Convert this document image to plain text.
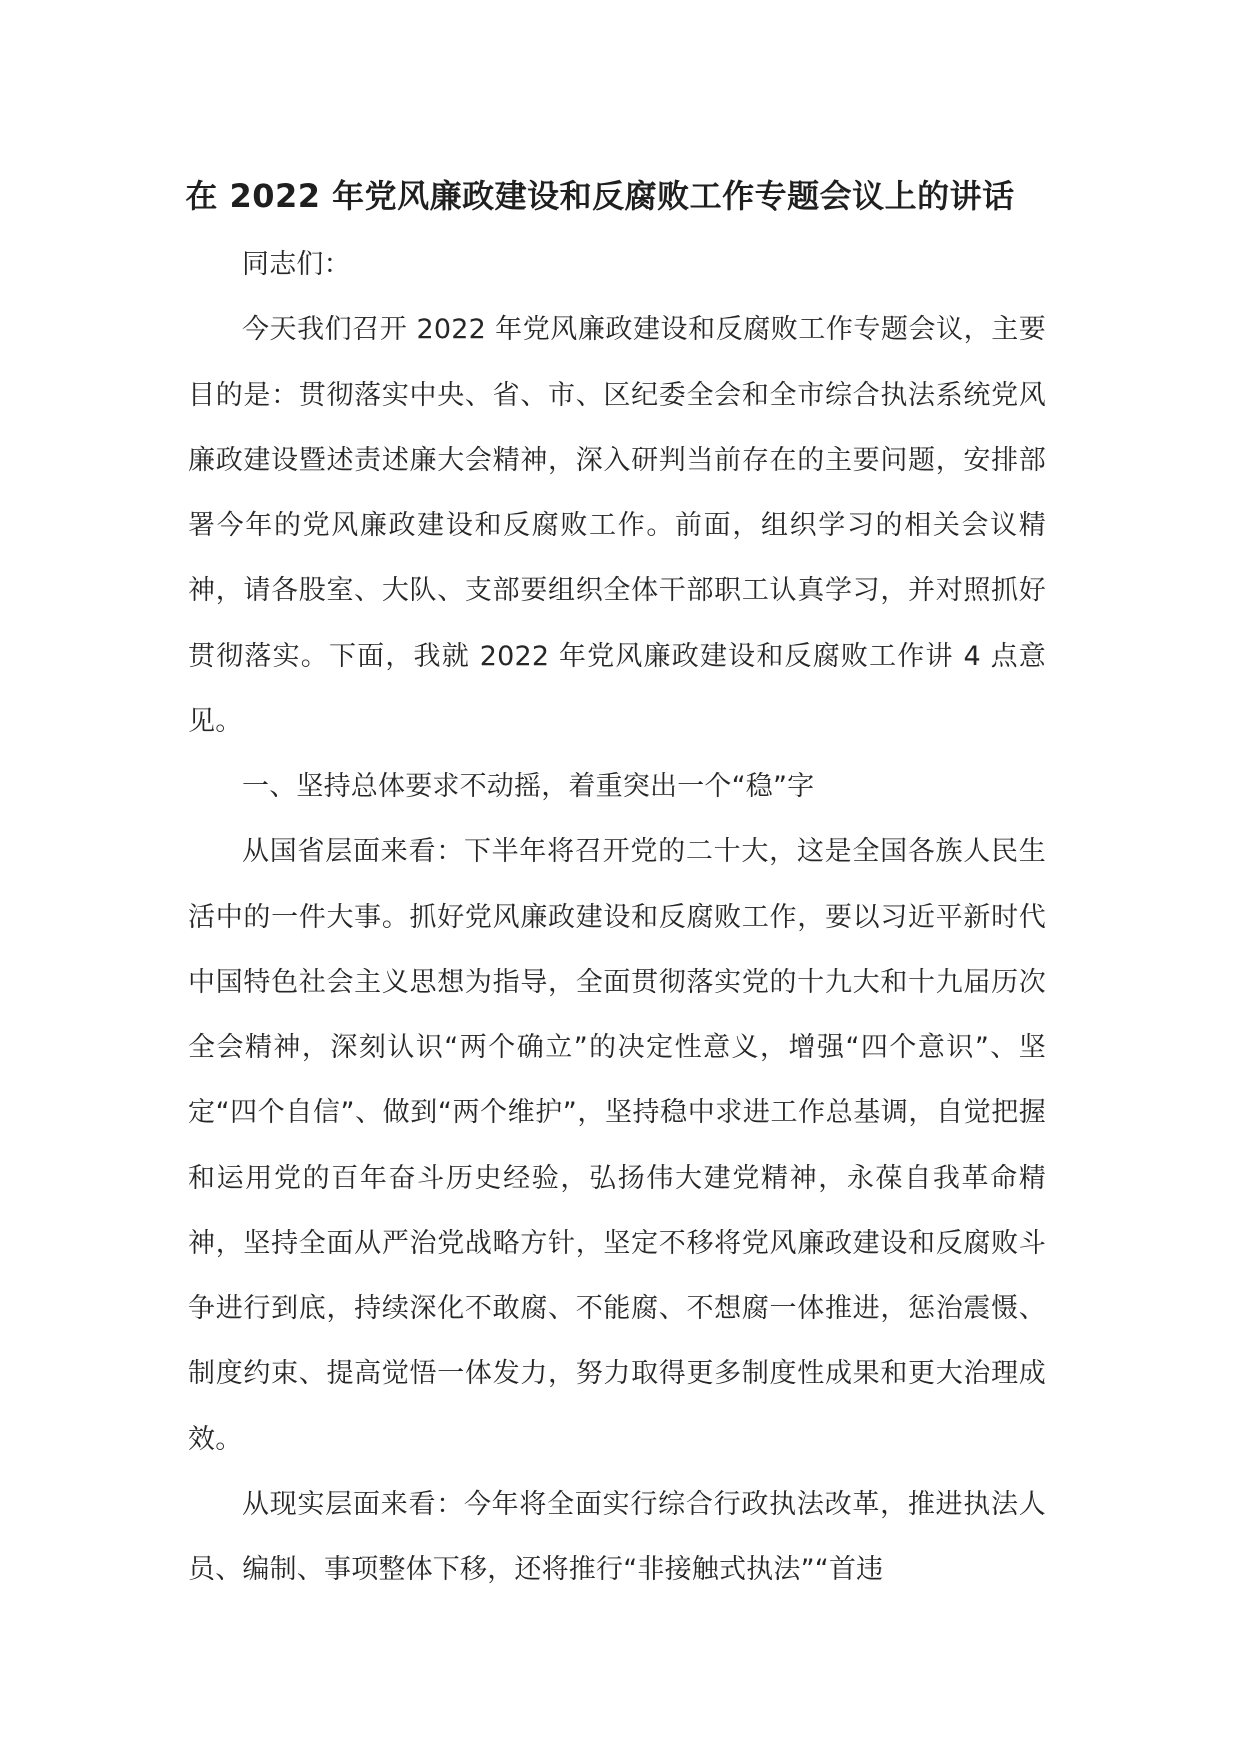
在 2022 年党风廉政建设和反腐败工作专题会议上的讲话

同志们：

今天我们召开 2022 年党风廉政建设和反腐败工作专题会议，主要目的是：贯彻落实中央、省、市、区纪委全会和全市综合执法系统党风廉政建设暨述责述廉大会精神，深入研判当前存在的主要问题，安排部署今年的党风廉政建设和反腐败工作。前面，组织学习的相关会议精神，请各股室、大队、支部要组织全体干部职工认真学习，并对照抓好贯彻落实。下面，我就 2022 年党风廉政建设和反腐败工作讲 4 点意见。

一、坚持总体要求不动摇，着重突出一个“稳”字

从国省层面来看：下半年将召开党的二十大，这是全国各族人民生活中的一件大事。抓好党风廉政建设和反腐败工作，要以习近平新时代中国特色社会主义思想为指导，全面贯彻落实党的十九大和十九届历次全会精神，深刻认识“两个确立”的决定性意义，增强“四个意识”、坚定“四个自信”、做到“两个维护”，坚持稳中求进工作总基调，自觉把握和运用党的百年奋斗历史经验，弘扬伟大建党精神，永葆自我革命精神，坚持全面从严治党战略方针，坚定不移将党风廉政建设和反腐败斗争进行到底，持续深化不敢腐、不能腐、不想腐一体推进，惩治震慑、制度约束、提高觉悟一体发力，努力取得更多制度性成果和更大治理成效。

从现实层面来看：今年将全面实行综合行政执法改革，推进执法人员、编制、事项整体下移，还将推行“非接触式执法”“首违
